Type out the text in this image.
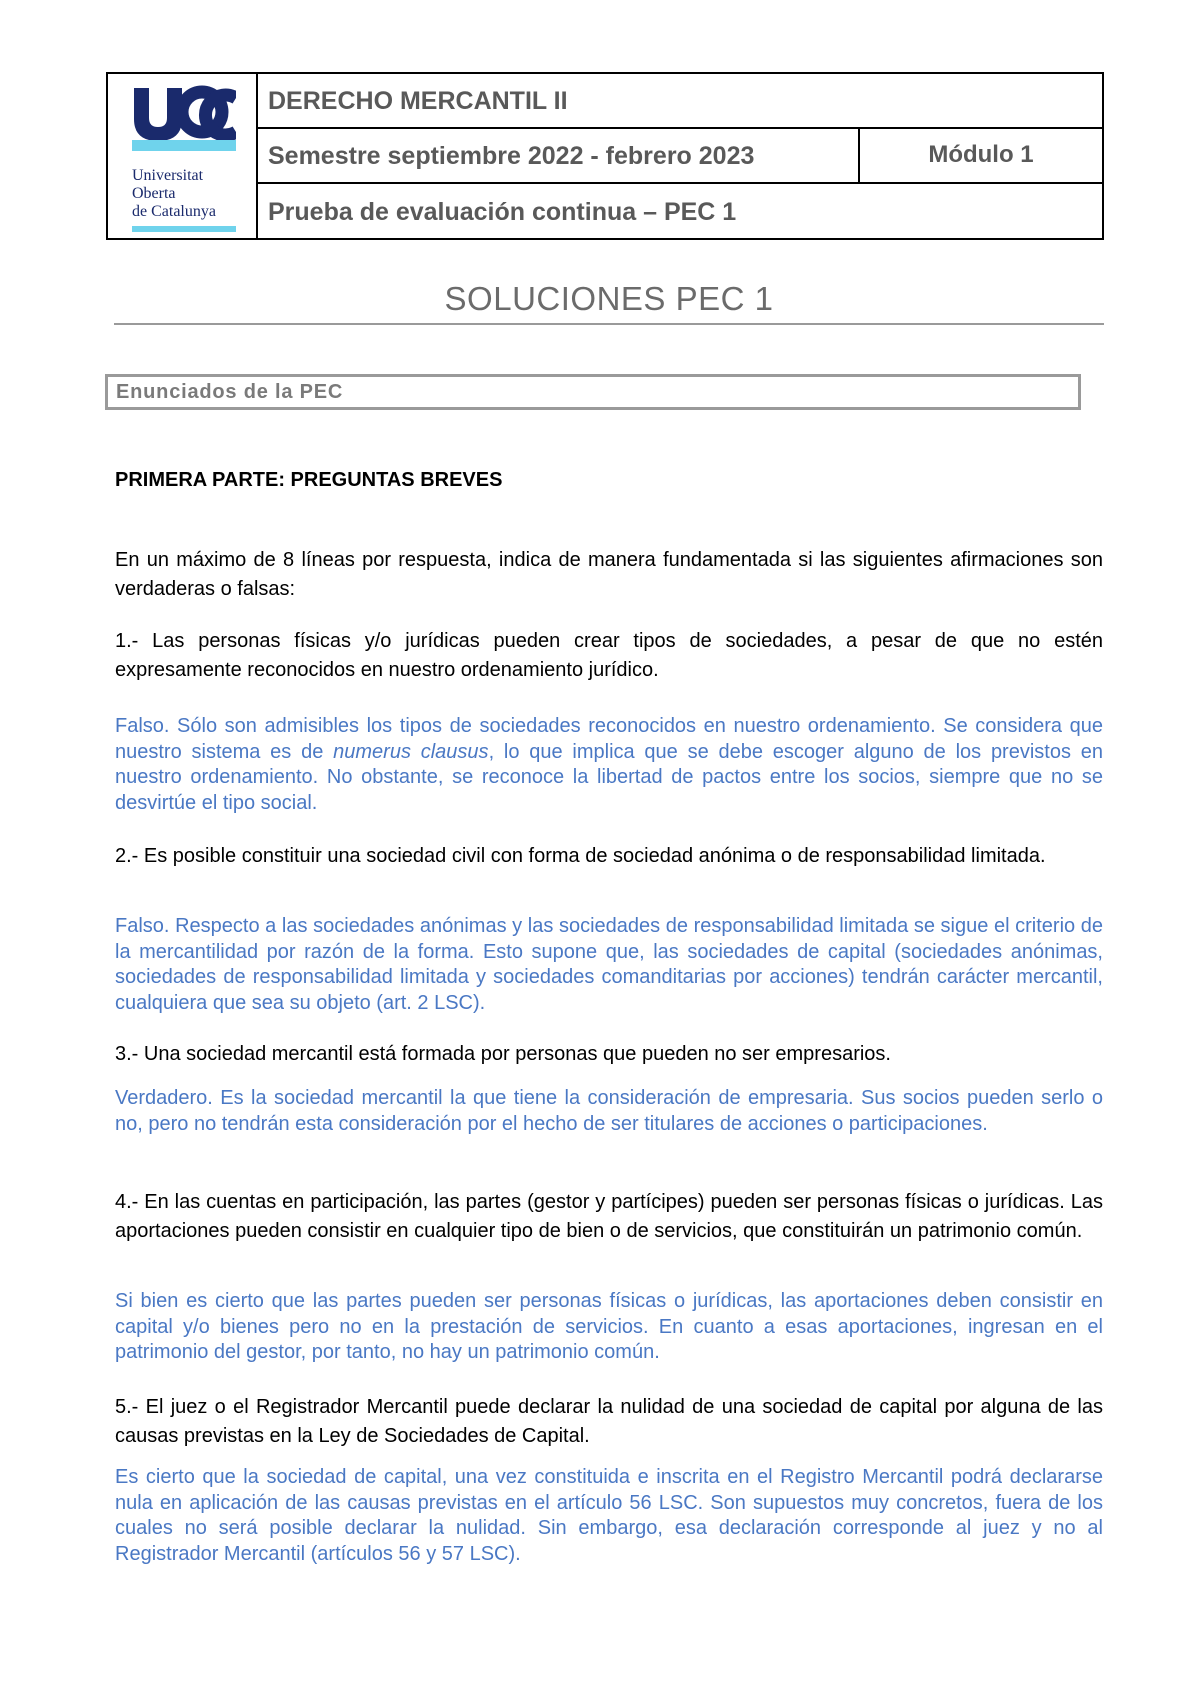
Universitat
Oberta
de Catalunya
DERECHO MERCANTIL II
Semestre septiembre 2022 - febrero 2023	Módulo 1
Prueba de evaluación continua – PEC 1
SOLUCIONES PEC 1
Enunciados de la PEC
PRIMERA PARTE: PREGUNTAS BREVES
En un máximo de 8 líneas por respuesta, indica de manera fundamentada si las siguientes afirmaciones son verdaderas o falsas:
1.- Las personas físicas y/o jurídicas pueden crear tipos de sociedades, a pesar de que no estén expresamente reconocidos en nuestro ordenamiento jurídico.
Falso. Sólo son admisibles los tipos de sociedades reconocidos en nuestro ordenamiento. Se considera que nuestro sistema es de numerus clausus, lo que implica que se debe escoger alguno de los previstos en nuestro ordenamiento. No obstante, se reconoce la libertad de pactos entre los socios, siempre que no se desvirtúe el tipo social.
2.- Es posible constituir una sociedad civil con forma de sociedad anónima o de responsabilidad limitada.
Falso. Respecto a las sociedades anónimas y las sociedades de responsabilidad limitada se sigue el criterio de la mercantilidad por razón de la forma. Esto supone que, las sociedades de capital (sociedades anónimas, sociedades de responsabilidad limitada y sociedades comanditarias por acciones) tendrán carácter mercantil, cualquiera que sea su objeto (art. 2 LSC).
3.- Una sociedad mercantil está formada por personas que pueden no ser empresarios.
Verdadero. Es la sociedad mercantil la que tiene la consideración de empresaria. Sus socios pueden serlo o no, pero no tendrán esta consideración por el hecho de ser titulares de acciones o participaciones.
4.- En las cuentas en participación, las partes (gestor y partícipes) pueden ser personas físicas o jurídicas. Las aportaciones pueden consistir en cualquier tipo de bien o de servicios, que constituirán un patrimonio común.
Si bien es cierto que las partes pueden ser personas físicas o jurídicas, las aportaciones deben consistir en capital y/o bienes pero no en la prestación de servicios. En cuanto a esas aportaciones, ingresan en el patrimonio del gestor, por tanto, no hay un patrimonio común.
5.- El juez o el Registrador Mercantil puede declarar la nulidad de una sociedad de capital por alguna de las causas previstas en la Ley de Sociedades de Capital.
Es cierto que la sociedad de capital, una vez constituida e inscrita en el Registro Mercantil podrá declararse nula en aplicación de las causas previstas en el artículo 56 LSC. Son supuestos muy concretos, fuera de los cuales no será posible declarar la nulidad. Sin embargo, esa declaración corresponde al juez y no al Registrador Mercantil (artículos 56 y 57 LSC).
